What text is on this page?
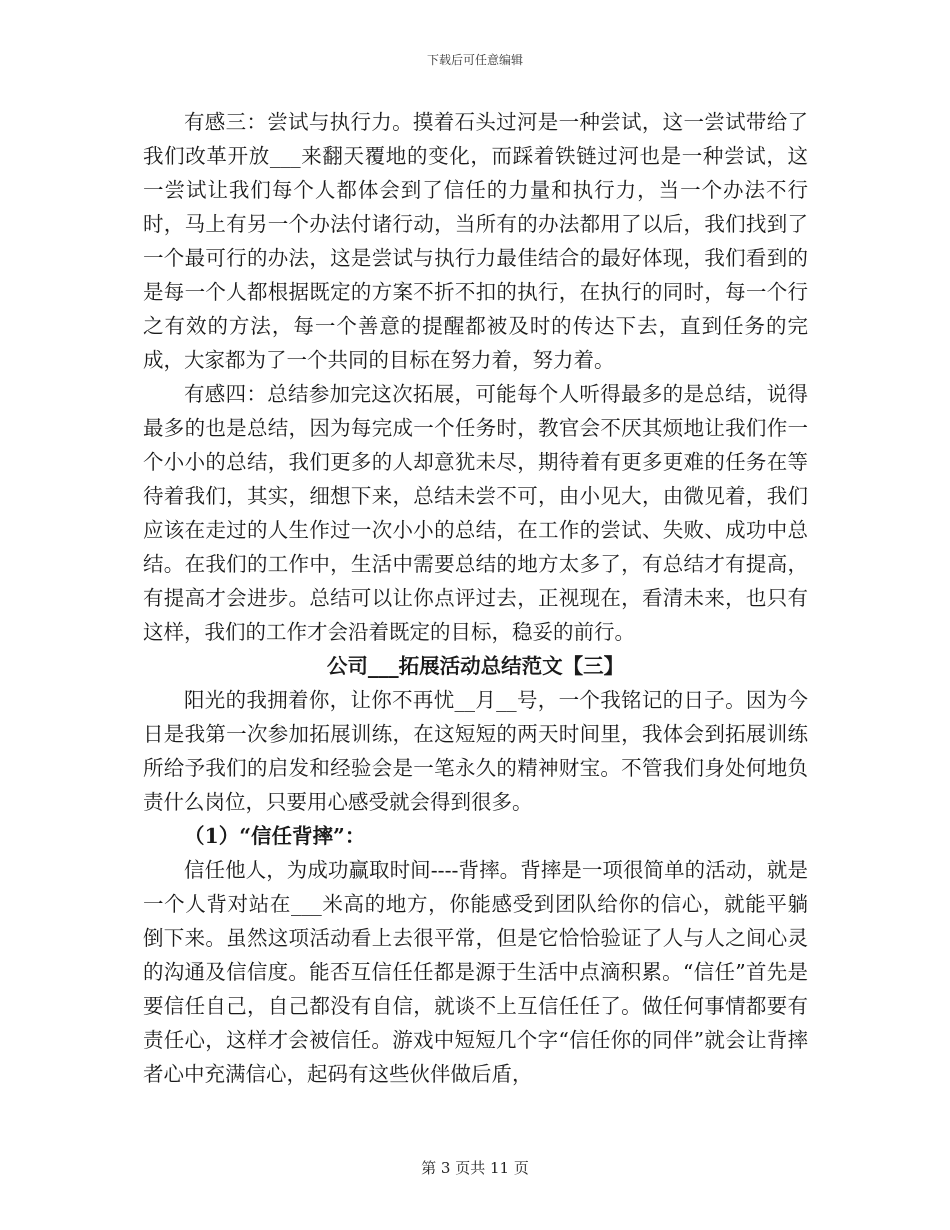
下载后可任意编辑

有感三：尝试与执行力。摸着石头过河是一种尝试，这一尝试带给了我们改革开放___来翻天覆地的变化，而踩着铁链过河也是一种尝试，这一尝试让我们每个人都体会到了信任的力量和执行力，当一个办法不行时，马上有另一个办法付诸行动，当所有的办法都用了以后，我们找到了一个最可行的办法，这是尝试与执行力最佳结合的最好体现，我们看到的是每一个人都根据既定的方案不折不扣的执行，在执行的同时，每一个行之有效的方法，每一个善意的提醒都被及时的传达下去，直到任务的完成，大家都为了一个共同的目标在努力着，努力着。

有感四：总结参加完这次拓展，可能每个人听得最多的是总结，说得最多的也是总结，因为每完成一个任务时，教官会不厌其烦地让我们作一个小小的总结，我们更多的人却意犹未尽，期待着有更多更难的任务在等待着我们，其实，细想下来，总结未尝不可，由小见大，由微见着，我们应该在走过的人生作过一次小小的总结，在工作的尝试、失败、成功中总结。在我们的工作中，生活中需要总结的地方太多了，有总结才有提高，有提高才会进步。总结可以让你点评过去，正视现在，看清未来，也只有这样，我们的工作才会沿着既定的目标，稳妥的前行。

公司___拓展活动总结范文【三】

阳光的我拥着你，让你不再忧__月__号，一个我铭记的日子。因为今日是我第一次参加拓展训练，在这短短的两天时间里，我体会到拓展训练所给予我们的启发和经验会是一笔永久的精神财宝。不管我们身处何地负责什么岗位，只要用心感受就会得到很多。

（1）“信任背摔”：

信任他人，为成功赢取时间----背摔。背摔是一项很简单的活动，就是一个人背对站在___米高的地方，你能感受到团队给你的信心，就能平躺倒下来。虽然这项活动看上去很平常，但是它恰恰验证了人与人之间心灵的沟通及信信度。能否互信任任都是源于生活中点滴积累。“信任”首先是要信任自己，自己都没有自信，就谈不上互信任任了。做任何事情都要有责任心，这样才会被信任。游戏中短短几个字“信任你的同伴”就会让背摔者心中充满信心，起码有这些伙伴做后盾，

第 3 页共 11 页
